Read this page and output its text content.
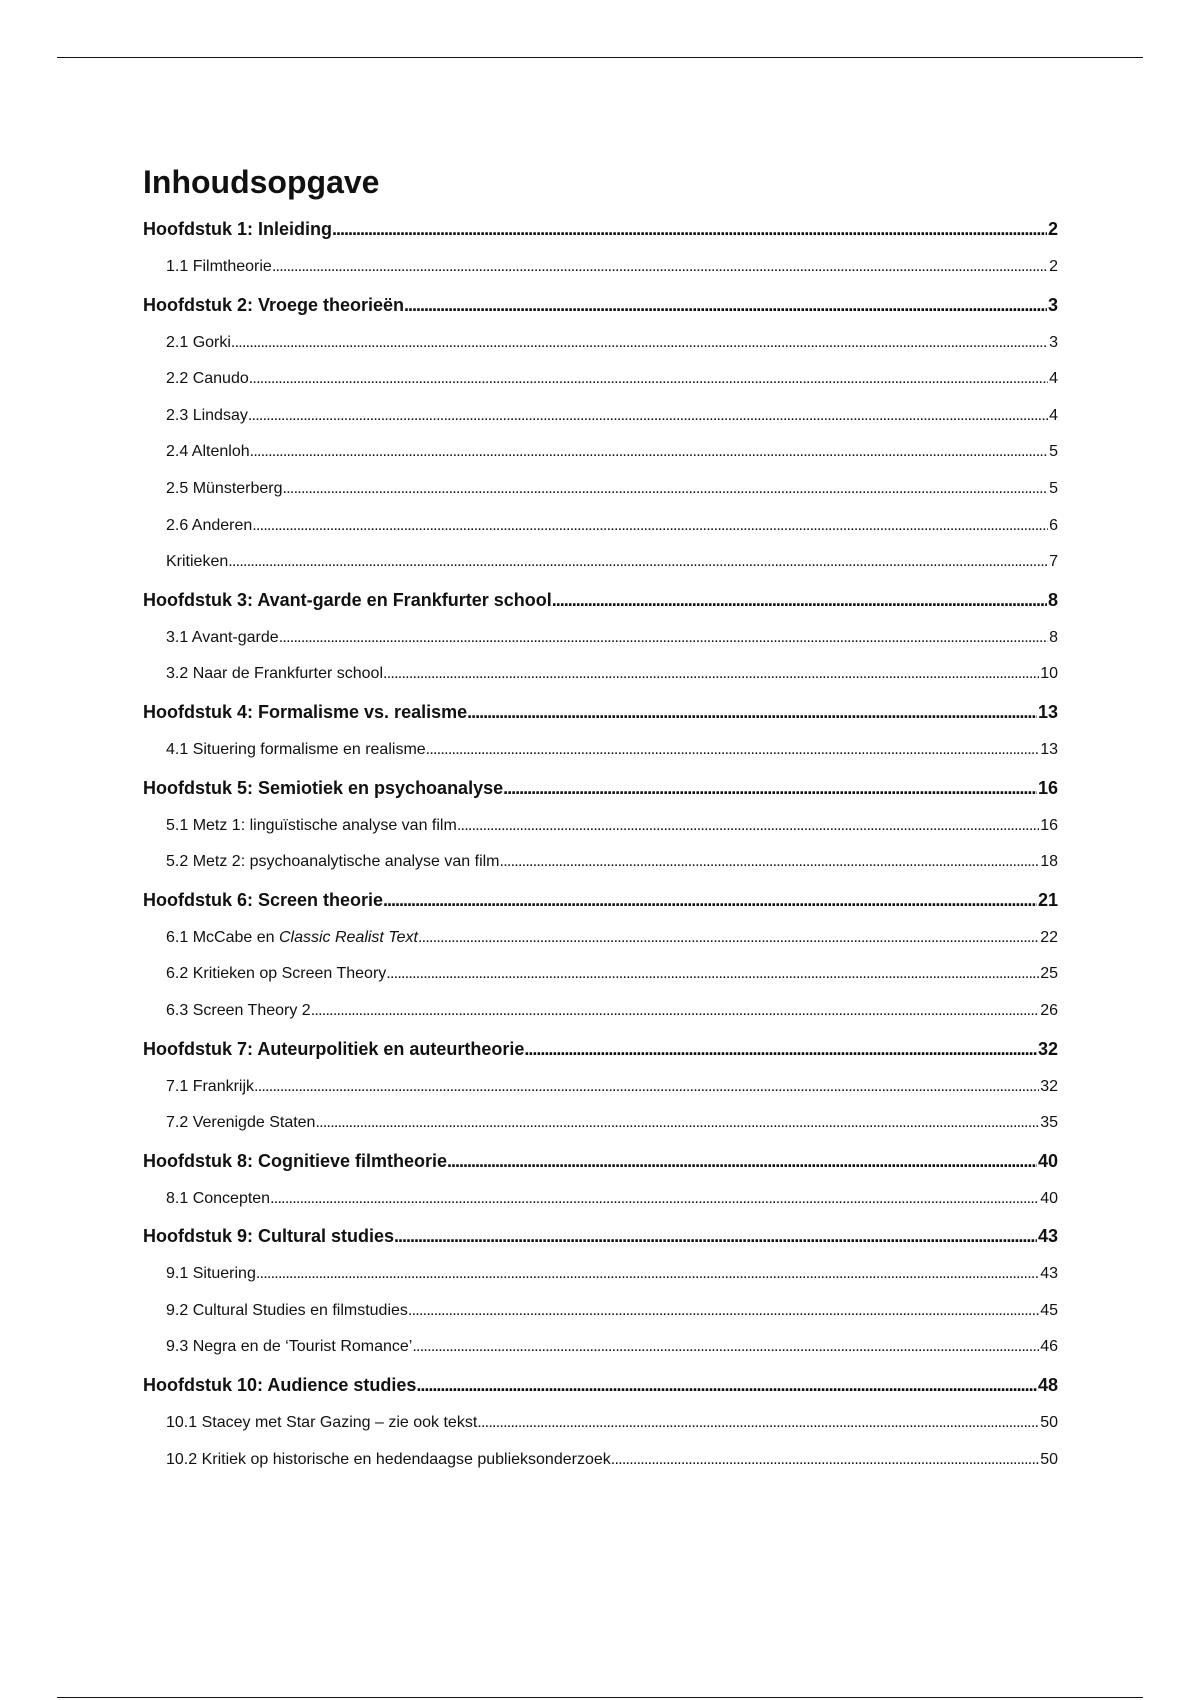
Inhoudsopgave
Hoofdstuk 1: Inleiding . . .	2
1.1 Filmtheorie . . .	2
Hoofdstuk 2: Vroege theorieën . . .	3
2.1 Gorki . . .	3
2.2 Canudo . . .	4
2.3 Lindsay . . .	4
2.4 Altenloh . . .	5
2.5 Münsterberg . . .	5
2.6 Anderen . . .	6
Kritieken . . .	7
Hoofdstuk 3: Avant-garde en Frankfurter school . . .	8
3.1 Avant-garde . . .	8
3.2 Naar de Frankfurter school . . .	10
Hoofdstuk 4: Formalisme vs. realisme . . .	13
4.1 Situering formalisme en realisme . . .	13
Hoofdstuk 5: Semiotiek en psychoanalyse . . .	16
5.1 Metz 1: linguïstische analyse van film . . .	16
5.2 Metz 2: psychoanalytische analyse van film . . .	18
Hoofdstuk 6: Screen theorie . . .	21
6.1 McCabe en Classic Realist Text . . .	22
6.2 Kritieken op Screen Theory . . .	25
6.3 Screen Theory 2 . . .	26
Hoofdstuk 7: Auteurpolitiek en auteurtheorie . . .	32
7.1 Frankrijk . . .	32
7.2 Verenigde Staten . . .	35
Hoofdstuk 8: Cognitieve filmtheorie . . .	40
8.1 Concepten . . .	40
Hoofdstuk 9: Cultural studies . . .	43
9.1 Situering . . .	43
9.2 Cultural Studies en filmstudies . . .	45
9.3 Negra en de ‘Tourist Romance’ . . .	46
Hoofdstuk 10: Audience studies . . .	48
10.1 Stacey met Star Gazing – zie ook tekst . . .	50
10.2 Kritiek op historische en hedendaagse publieksonderzoek . . .	50
